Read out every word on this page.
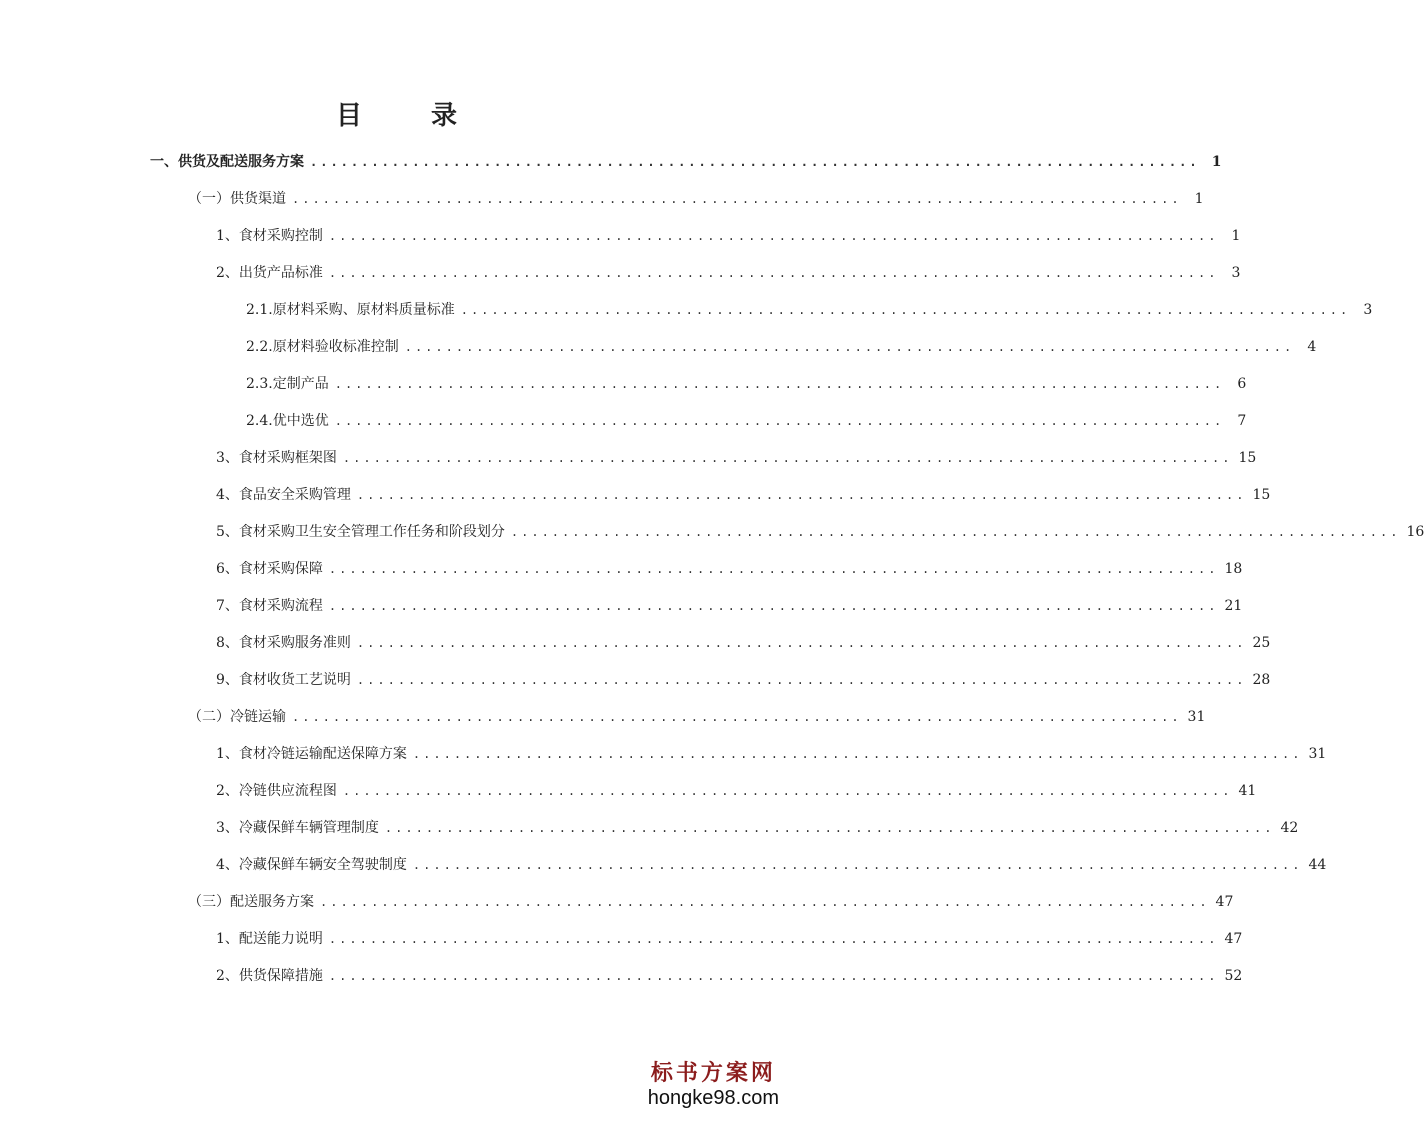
目 录
一、供货及配送服务方案 ....................................................................................... 1
（一）供货渠道 ....................................................................................... 1
1、食材采购控制 ....................................................................................... 1
2、出货产品标准 ....................................................................................... 3
2.1.原材料采购、原材料质量标准 ....................................................................................... 3
2.2.原材料验收标准控制 ....................................................................................... 4
2.3.定制产品 ....................................................................................... 6
2.4.优中选优 ....................................................................................... 7
3、食材采购框架图 ....................................................................................... 15
4、食品安全采购管理 ....................................................................................... 15
5、食材采购卫生安全管理工作任务和阶段划分 ....................................................................................... 16
6、食材采购保障 ....................................................................................... 18
7、食材采购流程 ....................................................................................... 21
8、食材采购服务准则 ....................................................................................... 25
9、食材收货工艺说明 ....................................................................................... 28
（二）冷链运输 ....................................................................................... 31
1、食材冷链运输配送保障方案 ....................................................................................... 31
2、冷链供应流程图 ....................................................................................... 41
3、冷藏保鲜车辆管理制度 ....................................................................................... 42
4、冷藏保鲜车辆安全驾驶制度 ....................................................................................... 44
（三）配送服务方案 ....................................................................................... 47
1、配送能力说明 ....................................................................................... 47
2、供货保障措施 ....................................................................................... 52
标书方案网
hongke98.com
